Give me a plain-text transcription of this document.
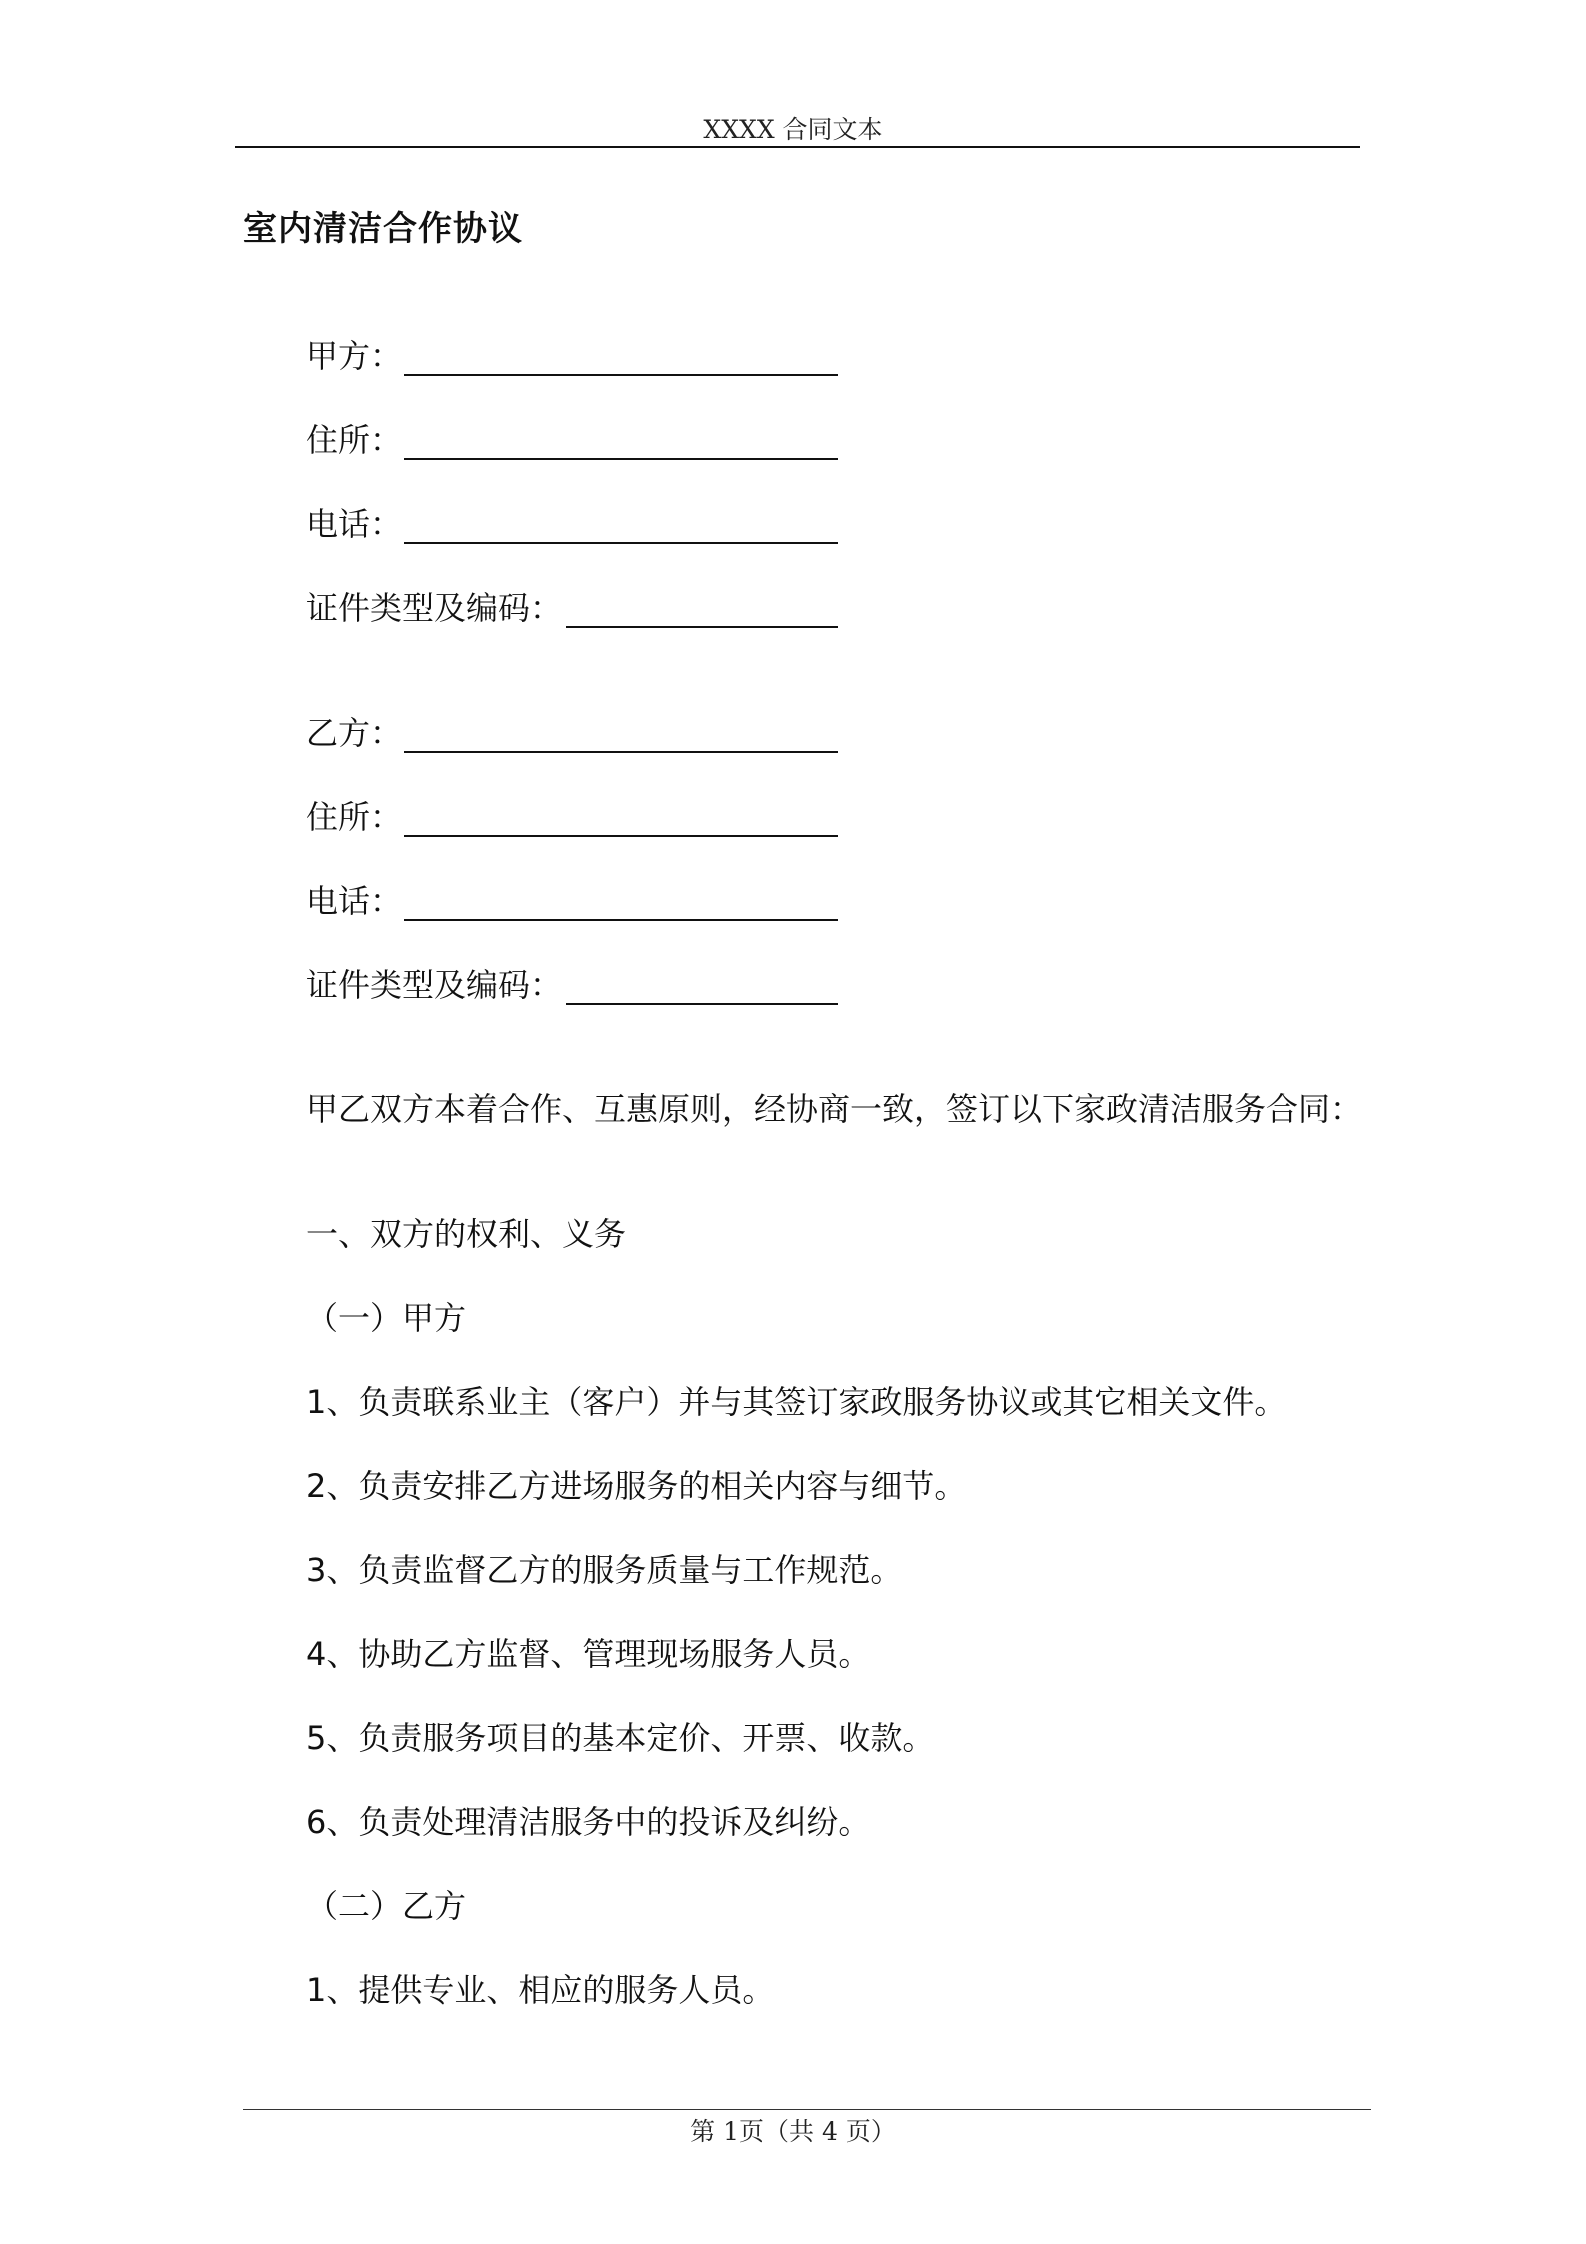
XXXX 合同文本
室内清洁合作协议
甲方：
住所：
电话：
证件类型及编码：
乙方：
住所：
电话：
证件类型及编码：
甲乙双方本着合作、互惠原则，经协商一致，签订以下家政清洁服务合同：
一、双方的权利、义务
（一）甲方
1、负责联系业主（客户）并与其签订家政服务协议或其它相关文件。
2、负责安排乙方进场服务的相关内容与细节。
3、负责监督乙方的服务质量与工作规范。
4、协助乙方监督、管理现场服务人员。
5、负责服务项目的基本定价、开票、收款。
6、负责处理清洁服务中的投诉及纠纷。
（二）乙方
1、提供专业、相应的服务人员。
第 1页（共 4 页）
